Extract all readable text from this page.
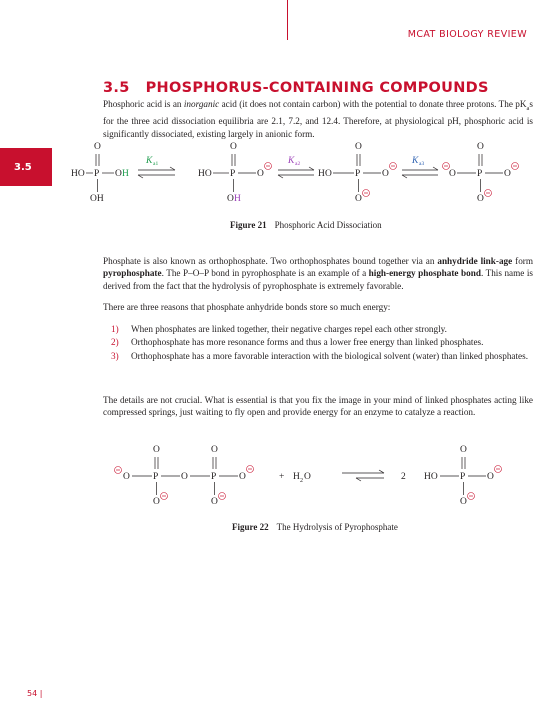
MCAT BIOLOGY REVIEW
3.5
3.5 PHOSPHORUS-CONTAINING COMPOUNDS

Phosphoric acid is an inorganic acid (it does not contain carbon) with the potential to donate three protons. The $pK_as$ for the three acid dissociation equilibria are 2.1, 7.2, and 12.4. Therefore, at physiological pH, phosphoric acid is significantly dissociated, existing largely in anionic form.

O
P
HO	O H
OH
K a1
O
P
HO	O
O H
K a2
O
P
H O	O
O
K a3
O
P
O	O
O
O
P
O
O
O
O
P O
O
+ H 2 O	2 HO
O
P O
O
Figure 21 Phosphoric Acid Dissociation

Phosphate is also known as orthophosphate. Two orthophosphates bound together via an anhydride link-age form pyrophosphate. The P–O–P bond in pyrophosphate is an example of a high-energy phosphate bond. This name is derived from the fact that the hydrolysis of pyrophosphate is extremely favorable.

There are three reasons that phosphate anhydride bonds store so much energy:

1) When phosphates are linked together, their negative charges repel each other strongly.
2) Orthophosphate has more resonance forms and thus a lower free energy than linked phosphates.
3) Orthophosphate has a more favorable interaction with the biological solvent (water) than linked phosphates.

The details are not crucial. What is essential is that you fix the image in your mind of linked phosphates acting like compressed springs, just waiting to fly open and provide energy for an enzyme to catalyze a reaction.

Figure 22 The Hydrolysis of Pyrophosphate
54 |
